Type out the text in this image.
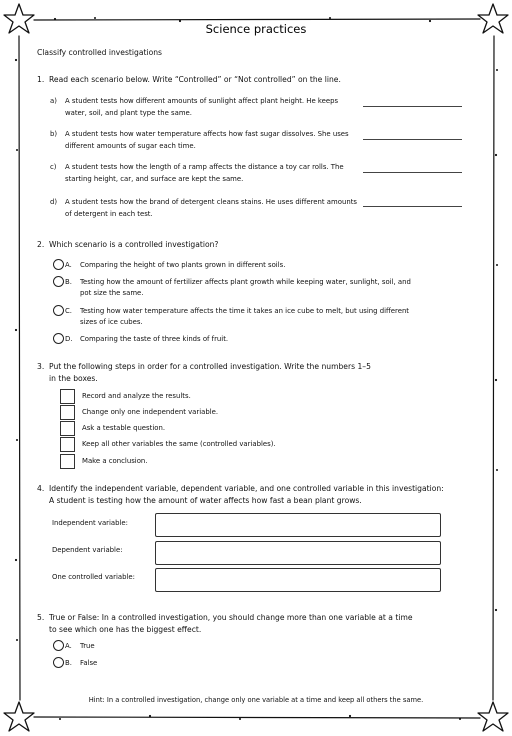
Science practices
Classify controlled investigations
1. Read each scenario below. Write “Controlled” or “Not controlled” on the line.
a) A student tests how different amounts of sunlight affect plant height. He keeps water, soil, and plant type the same.
b) A student tests how water temperature affects how fast sugar dissolves. She uses different amounts of sugar each time.
c) A student tests how the length of a ramp affects the distance a toy car rolls. The starting height, car, and surface are kept the same.
d) A student tests how the brand of detergent cleans stains. He uses different amounts of detergent in each test.
2. Which scenario is a controlled investigation?
A. Comparing the height of two plants grown in different soils.
B. Testing how the amount of fertilizer affects plant growth while keeping water, sunlight, soil, and pot size the same.
C. Testing how water temperature affects the time it takes an ice cube to melt, but using different sizes of ice cubes.
D. Comparing the taste of three kinds of fruit.
3. Put the following steps in order for a controlled investigation. Write the numbers 1–5
in the boxes.
Record and analyze the results.
Change only one independent variable.
Ask a testable question.
Keep all other variables the same (controlled variables).
Make a conclusion.
4. Identify the independent variable, dependent variable, and one controlled variable in this investigation:
A student is testing how the amount of water affects how fast a bean plant grows.
Independent variable:
Dependent variable:
One controlled variable:
5. True or False: In a controlled investigation, you should change more than one variable at a time
to see which one has the biggest effect.
A. True
B. False
Hint: In a controlled investigation, change only one variable at a time and keep all others the same.
